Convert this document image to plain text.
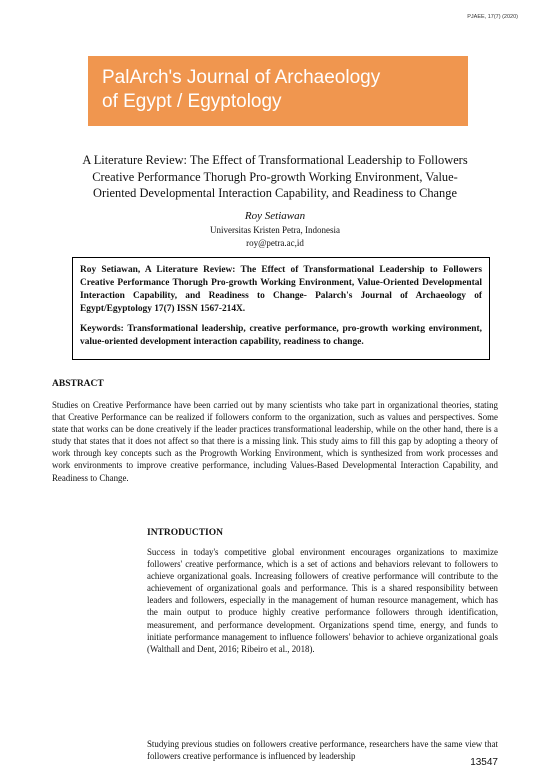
PJAEE, 17(7) (2020)
PalArch's Journal of Archaeology
of Egypt / Egyptology
A Literature Review: The Effect of Transformational Leadership to Followers
Creative Performance Thorugh Pro-growth Working Environment, Value-
Oriented Developmental Interaction Capability, and Readiness to Change
Roy Setiawan
Universitas Kristen Petra, Indonesia
roy@petra.ac,id

Roy Setiawan, A Literature Review: The Effect of Transformational Leadership to Followers Creative Performance Thorugh Pro-growth Working Environment, Value-Oriented Developmental Interaction Capability, and Readiness to Change- Palarch's Journal of Archaeology of Egypt/Egyptology 17(7) ISSN 1567-214X.

Keywords: Transformational leadership, creative performance, pro-growth working environment, value-oriented development interaction capability, readiness to change.

ABSTRACT

Studies on Creative Performance have been carried out by many scientists who take part in organizational theories, stating that Creative Performance can be realized if followers conform to the organization, such as values and perspectives. Some state that works can be done creatively if the leader practices transformational leadership, while on the other hand, there is a study that states that it does not affect so that there is a missing link. This study aims to fill this gap by adopting a theory of work through key concepts such as the Progrowth Working Environment, which is synthesized from work processes and work environments to improve creative performance, including Values-Based Developmental Interaction Capability, and Readiness to Change.

INTRODUCTION

Success in today's competitive global environment encourages organizations to maximize followers' creative performance, which is a set of actions and behaviors relevant to followers to achieve organizational goals. Increasing followers of creative performance will contribute to the achievement of organizational goals and performance. This is a shared responsibility between leaders and followers, especially in the management of human resource management, which has the main output to produce highly creative performance followers through identification, measurement, and performance development. Organizations spend time, energy, and funds to initiate performance management to influence followers' behavior to achieve organizational goals (Walthall and Dent, 2016; Ribeiro et al., 2018).

Studying previous studies on followers creative performance, researchers have the same view that followers creative performance is influenced by leadership

13547
